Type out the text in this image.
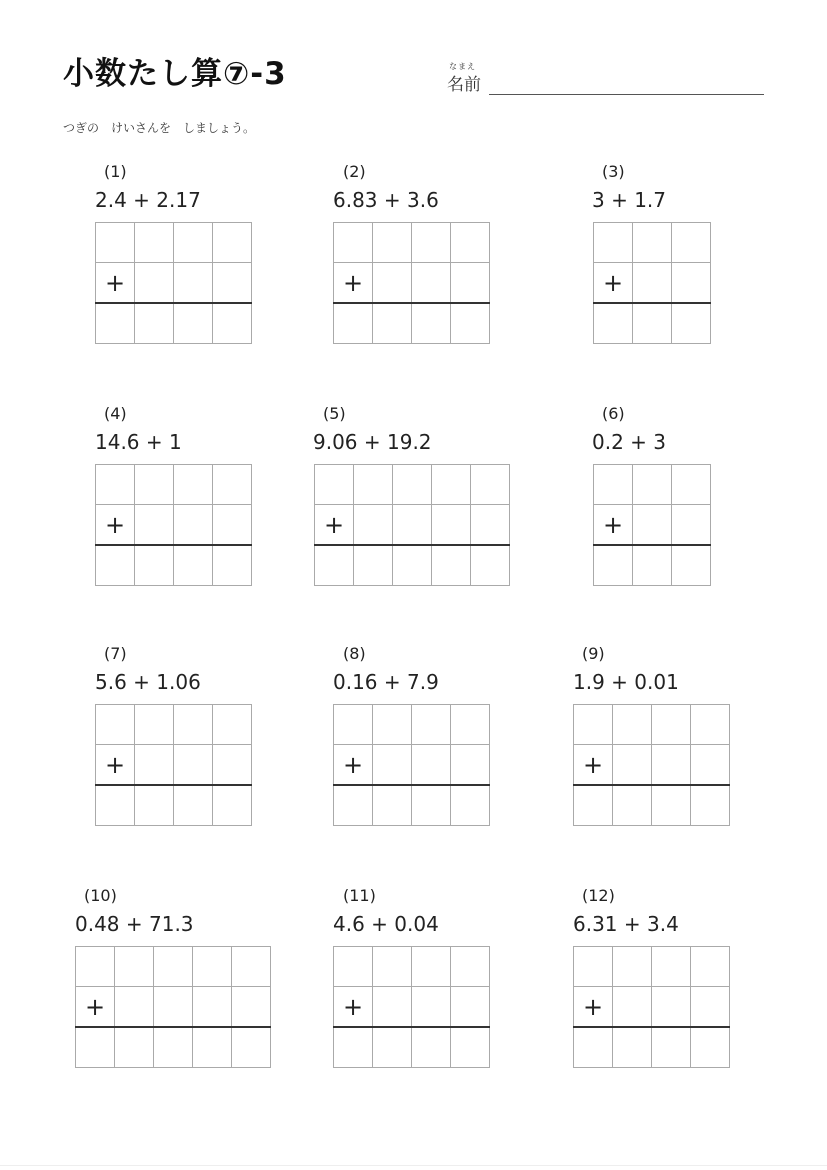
小数たし算⑦-3	なまえ
名前
つぎの　けいさんを　しましょう。
(1)
2.4 + 2.17

+			

(2)
6.83 + 3.6

+			

(3)
3 + 1.7

+		

(4)
14.6 + 1

+			

(5)
9.06 + 19.2

+				

(6)
0.2 + 3

+		

(7)
5.6 + 1.06

+			

(8)
0.16 + 7.9

+			

(9)
1.9 + 0.01

+			

(10)
0.48 + 71.3

+				

(11)
4.6 + 0.04

+			

(12)
6.31 + 3.4

+			
